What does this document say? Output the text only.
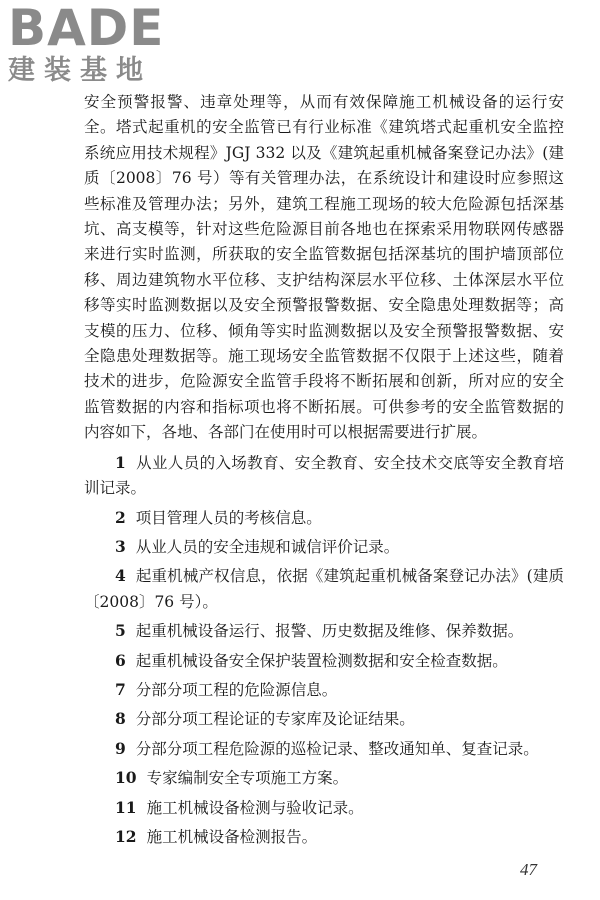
BADE
建装基地

安全预警报警、违章处理等，从而有效保障施工机械设备的运行安全。塔式起重机的安全监管已有行业标准《建筑塔式起重机安全监控系统应用技术规程》JGJ 332 以及《建筑起重机械备案登记办法》(建质〔2008〕76 号）等有关管理办法，在系统设计和建设时应参照这些标准及管理办法；另外，建筑工程施工现场的较大危险源包括深基坑、高支模等，针对这些危险源目前各地也在探索采用物联网传感器来进行实时监测，所获取的安全监管数据包括深基坑的围护墙顶部位移、周边建筑物水平位移、支护结构深层水平位移、土体深层水平位移等实时监测数据以及安全预警报警数据、安全隐患处理数据等；高支模的压力、位移、倾角等实时监测数据以及安全预警报警数据、安全隐患处理数据等。施工现场安全监管数据不仅限于上述这些，随着技术的进步，危险源安全监管手段将不断拓展和创新，所对应的安全监管数据的内容和指标项也将不断拓展。可供参考的安全监管数据的内容如下，各地、各部门在使用时可以根据需要进行扩展。

1 从业人员的入场教育、安全教育、安全技术交底等安全教育培训记录。
2 项目管理人员的考核信息。
3 从业人员的安全违规和诚信评价记录。
4 起重机械产权信息，依据《建筑起重机械备案登记办法》(建质〔2008〕76 号）。
5 起重机械设备运行、报警、历史数据及维修、保养数据。
6 起重机械设备安全保护装置检测数据和安全检查数据。
7 分部分项工程的危险源信息。
8 分部分项工程论证的专家库及论证结果。
9 分部分项工程危险源的巡检记录、整改通知单、复查记录。
10 专家编制安全专项施工方案。
11 施工机械设备检测与验收记录。
12 施工机械设备检测报告。
47
